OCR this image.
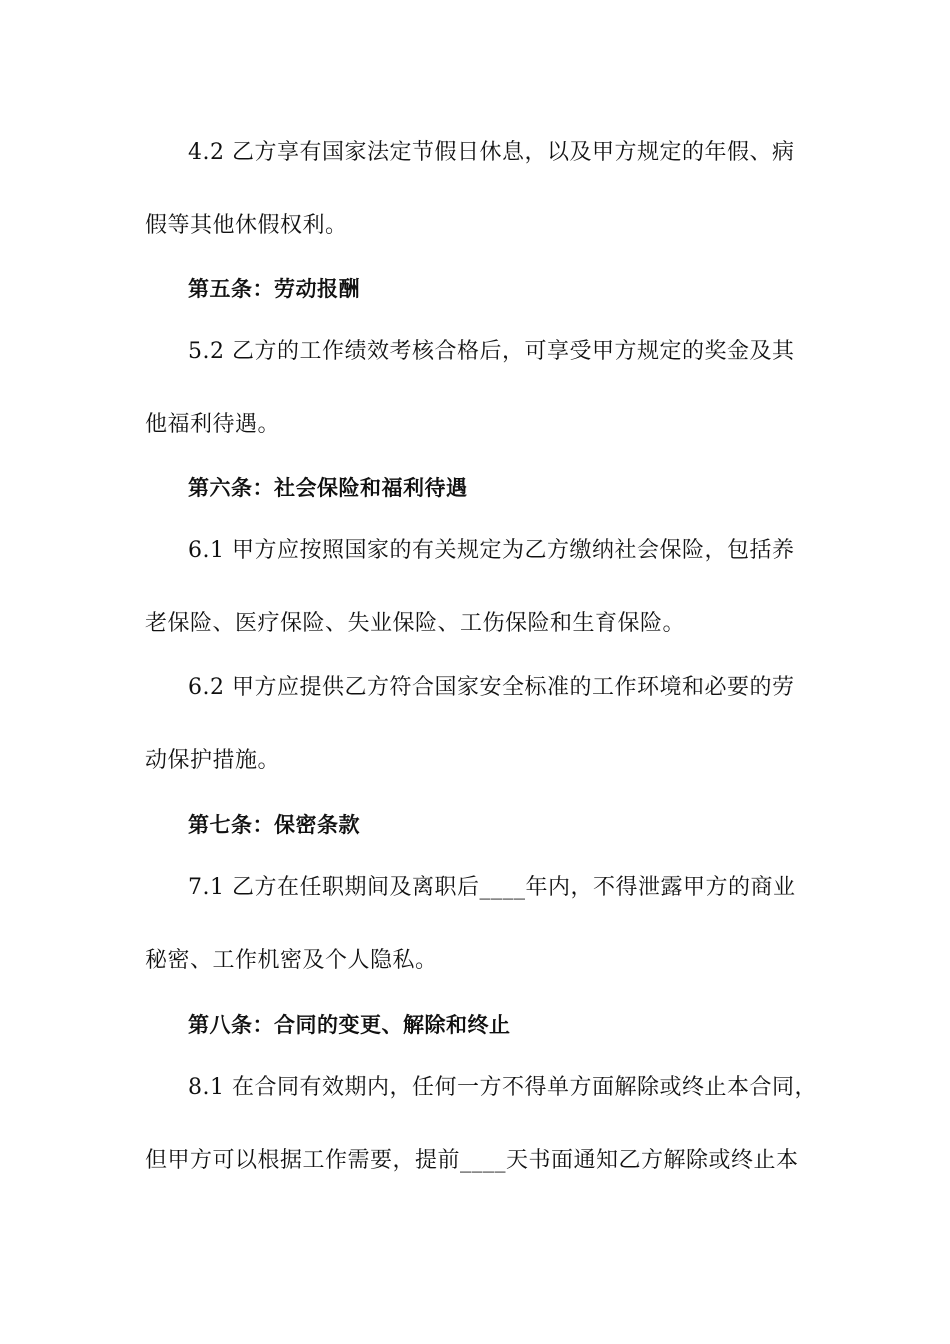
4.2 乙方享有国家法定节假日休息，以及甲方规定的年假、病
假等其他休假权利。
第五条：劳动报酬
5.2 乙方的工作绩效考核合格后，可享受甲方规定的奖金及其
他福利待遇。
第六条：社会保险和福利待遇
6.1 甲方应按照国家的有关规定为乙方缴纳社会保险，包括养
老保险、医疗保险、失业保险、工伤保险和生育保险。
6.2 甲方应提供乙方符合国家安全标准的工作环境和必要的劳
动保护措施。
第七条：保密条款
7.1 乙方在任职期间及离职后____年内，不得泄露甲方的商业
秘密、工作机密及个人隐私。
第八条：合同的变更、解除和终止
8.1 在合同有效期内，任何一方不得单方面解除或终止本合同，
但甲方可以根据工作需要，提前____天书面通知乙方解除或终止本
